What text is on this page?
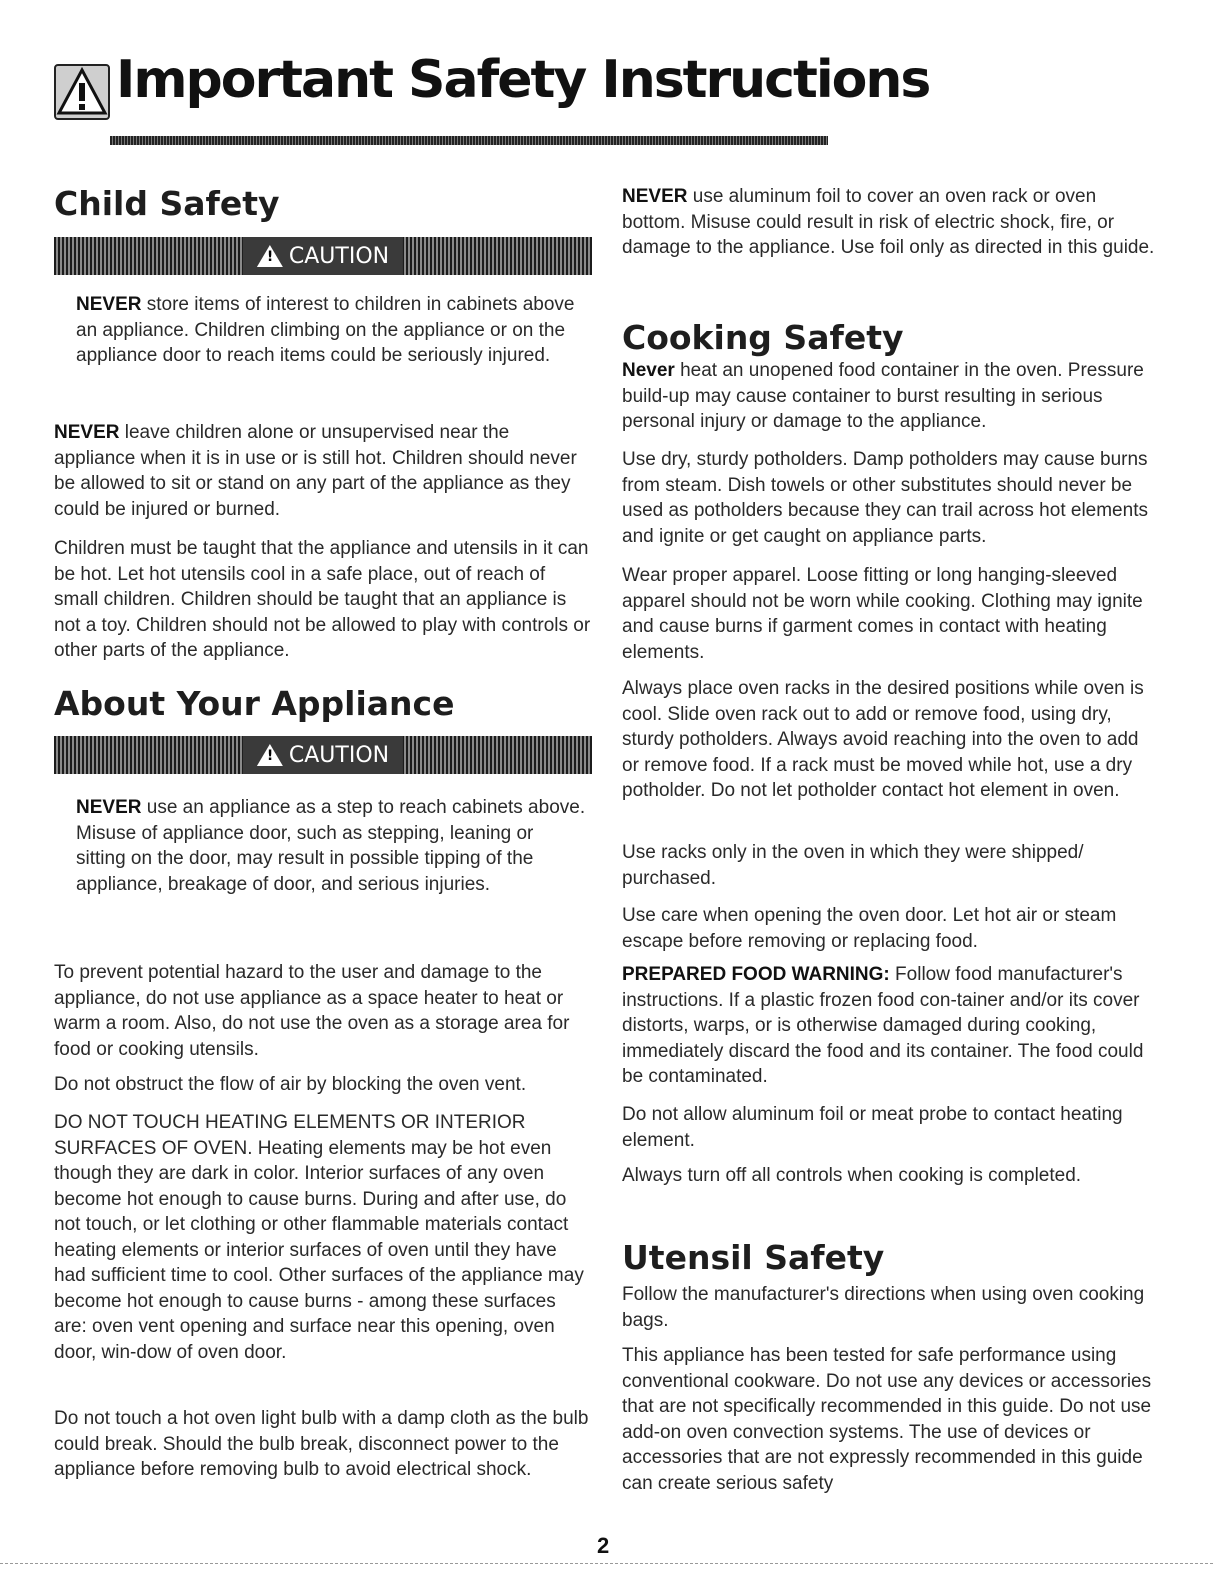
Important Safety Instructions
Child Safety
! CAUTION

NEVER store items of interest to children in cabinets above an appliance. Children climbing on the appliance or on the appliance door to reach items could be seriously injured.

NEVER leave children alone or unsupervised near the appliance when it is in use or is still hot. Children should never be allowed to sit or stand on any part of the appliance as they could be injured or burned.

Children must be taught that the appliance and utensils in it can be hot. Let hot utensils cool in a safe place, out of reach of small children. Children should be taught that an appliance is not a toy. Children should not be allowed to play with controls or other parts of the appliance.

About Your Appliance
! CAUTION

NEVER use an appliance as a step to reach cabinets above. Misuse of appliance door, such as stepping, leaning or sitting on the door, may result in possible tipping of the appliance, breakage of door, and serious injuries.

To prevent potential hazard to the user and damage to the appliance, do not use appliance as a space heater to heat or warm a room. Also, do not use the oven as a storage area for food or cooking utensils.

Do not obstruct the flow of air by blocking the oven vent.

DO NOT TOUCH HEATING ELEMENTS OR INTERIOR SURFACES OF OVEN. Heating elements may be hot even though they are dark in color. Interior surfaces of any oven become hot enough to cause burns. During and after use, do not touch, or let clothing or other flammable materials contact heating elements or interior surfaces of oven until they have had sufficient time to cool. Other surfaces of the appliance may become hot enough to cause burns - among these surfaces are: oven vent opening and surface near this opening, oven door, win-dow of oven door.

Do not touch a hot oven light bulb with a damp cloth as the bulb could break. Should the bulb break, disconnect power to the appliance before removing bulb to avoid electrical shock.

NEVER use aluminum foil to cover an oven rack or oven bottom. Misuse could result in risk of electric shock, fire, or damage to the appliance. Use foil only as directed in this guide.

Cooking Safety

Never heat an unopened food container in the oven. Pressure build-up may cause container to burst resulting in serious personal injury or damage to the appliance.

Use dry, sturdy potholders. Damp potholders may cause burns from steam. Dish towels or other substitutes should never be used as potholders because they can trail across hot elements and ignite or get caught on appliance parts.

Wear proper apparel. Loose fitting or long hanging-sleeved apparel should not be worn while cooking. Clothing may ignite and cause burns if garment comes in contact with heating elements.

Always place oven racks in the desired positions while oven is cool. Slide oven rack out to add or remove food, using dry, sturdy potholders. Always avoid reaching into the oven to add or remove food. If a rack must be moved while hot, use a dry potholder. Do not let potholder contact hot element in oven.

Use racks only in the oven in which they were shipped/ purchased.

Use care when opening the oven door. Let hot air or steam escape before removing or replacing food.

PREPARED FOOD WARNING: Follow food manufacturer's instructions. If a plastic frozen food con-tainer and/or its cover distorts, warps, or is otherwise damaged during cooking, immediately discard the food and its container. The food could be contaminated.

Do not allow aluminum foil or meat probe to contact heating element.

Always turn off all controls when cooking is completed.

Utensil Safety

Follow the manufacturer's directions when using oven cooking bags.

This appliance has been tested for safe performance using conventional cookware. Do not use any devices or accessories that are not specifically recommended in this guide. Do not use add-on oven convection systems. The use of devices or accessories that are not expressly recommended in this guide can create serious safety

2
